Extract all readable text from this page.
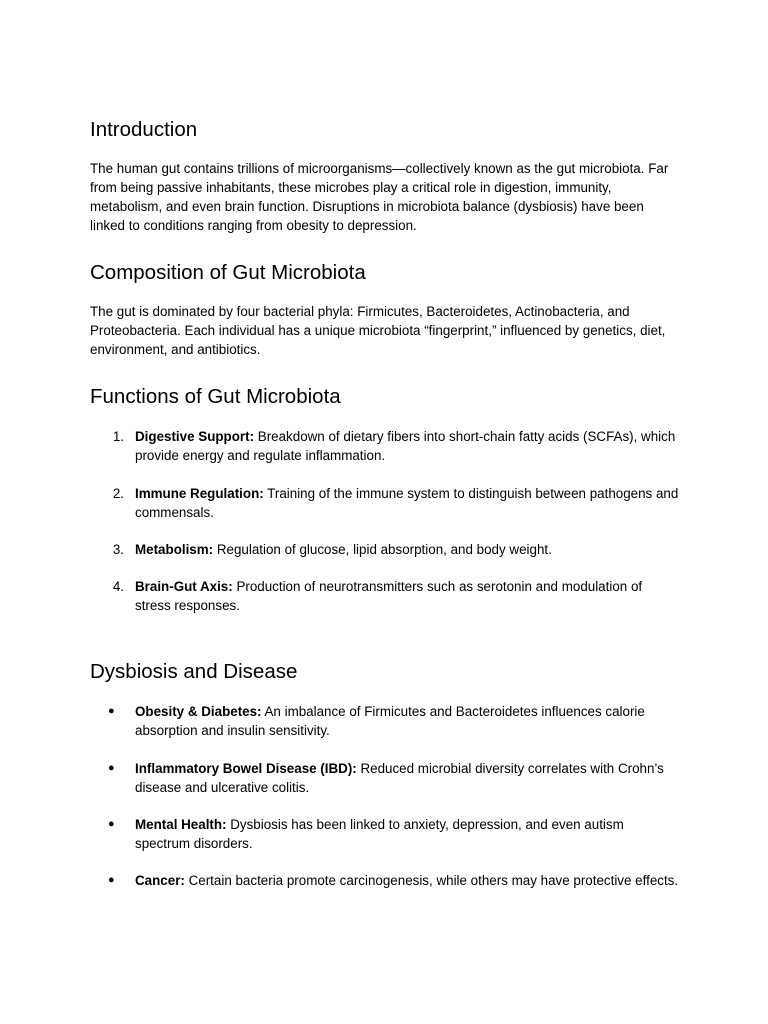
Introduction

The human gut contains trillions of microorganisms—collectively known as the gut microbiota. Far from being passive inhabitants, these microbes play a critical role in digestion, immunity, metabolism, and even brain function. Disruptions in microbiota balance (dysbiosis) have been linked to conditions ranging from obesity to depression.

Composition of Gut Microbiota

The gut is dominated by four bacterial phyla: Firmicutes, Bacteroidetes, Actinobacteria, and Proteobacteria. Each individual has a unique microbiota “fingerprint,” influenced by genetics, diet, environment, and antibiotics.

Functions of Gut Microbiota
1. Digestive Support: Breakdown of dietary fibers into short-chain fatty acids (SCFAs), which provide energy and regulate inflammation.
2. Immune Regulation: Training of the immune system to distinguish between pathogens and commensals.
3. Metabolism: Regulation of glucose, lipid absorption, and body weight.
4. Brain-Gut Axis: Production of neurotransmitters such as serotonin and modulation of stress responses.
Dysbiosis and Disease
● Obesity & Diabetes: An imbalance of Firmicutes and Bacteroidetes influences calorie absorption and insulin sensitivity.
● Inflammatory Bowel Disease (IBD): Reduced microbial diversity correlates with Crohn’s disease and ulcerative colitis.
● Mental Health: Dysbiosis has been linked to anxiety, depression, and even autism spectrum disorders.
● Cancer: Certain bacteria promote carcinogenesis, while others may have protective effects.
